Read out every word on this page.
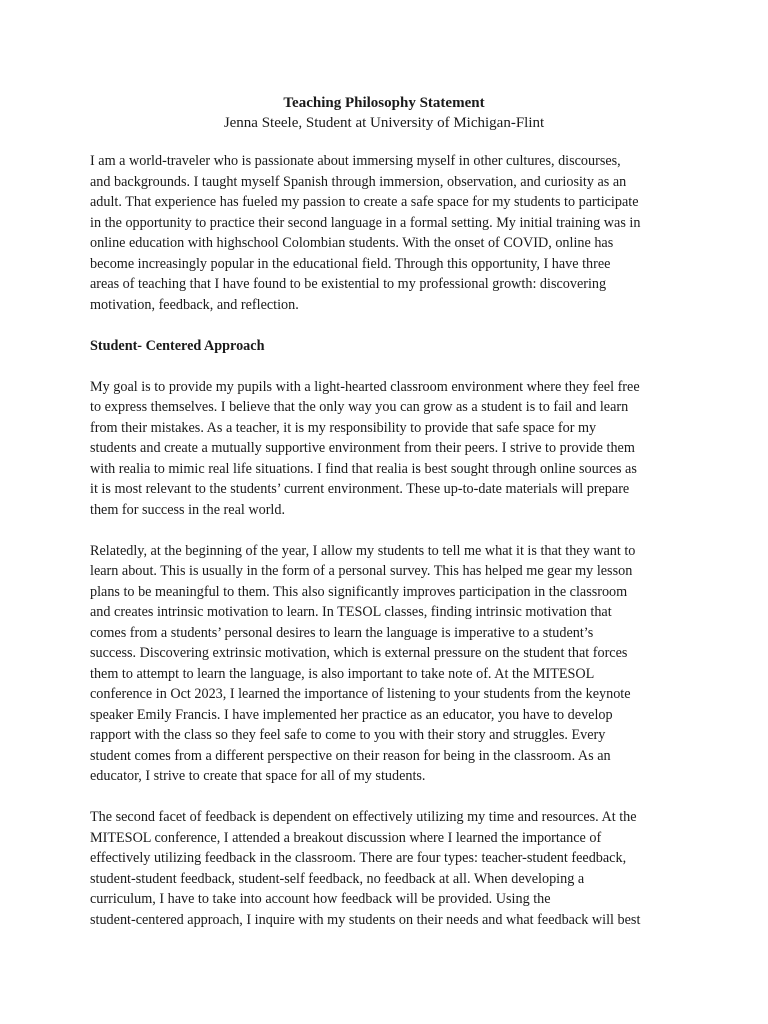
Teaching Philosophy Statement

Jenna Steele, Student at University of Michigan-Flint

I am a world-traveler who is passionate about immersing myself in other cultures, discourses,
and backgrounds. I taught myself Spanish through immersion, observation, and curiosity as an
adult. That experience has fueled my passion to create a safe space for my students to participate
in the opportunity to practice their second language in a formal setting. My initial training was in
online education with highschool Colombian students. With the onset of COVID, online has
become increasingly popular in the educational field. Through this opportunity, I have three
areas of teaching that I have found to be existential to my professional growth: discovering
motivation, feedback, and reflection.

Student- Centered Approach

My goal is to provide my pupils with a light-hearted classroom environment where they feel free
to express themselves. I believe that the only way you can grow as a student is to fail and learn
from their mistakes. As a teacher, it is my responsibility to provide that safe space for my
students and create a mutually supportive environment from their peers. I strive to provide them
with realia to mimic real life situations. I find that realia is best sought through online sources as
it is most relevant to the students’ current environment. These up-to-date materials will prepare
them for success in the real world.
Relatedly, at the beginning of the year, I allow my students to tell me what it is that they want to
learn about. This is usually in the form of a personal survey. This has helped me gear my lesson
plans to be meaningful to them. This also significantly improves participation in the classroom
and creates intrinsic motivation to learn. In TESOL classes, finding intrinsic motivation that
comes from a students’ personal desires to learn the language is imperative to a student’s
success. Discovering extrinsic motivation, which is external pressure on the student that forces
them to attempt to learn the language, is also important to take note of. At the MITESOL
conference in Oct 2023, I learned the importance of listening to your students from the keynote
speaker Emily Francis. I have implemented her practice as an educator, you have to develop
rapport with the class so they feel safe to come to you with their story and struggles. Every
student comes from a different perspective on their reason for being in the classroom. As an
educator, I strive to create that space for all of my students.
The second facet of feedback is dependent on effectively utilizing my time and resources. At the
MITESOL conference, I attended a breakout discussion where I learned the importance of
effectively utilizing feedback in the classroom. There are four types: teacher-student feedback,
student-student feedback, student-self feedback, no feedback at all. When developing a
curriculum, I have to take into account how feedback will be provided. Using the
student-centered approach, I inquire with my students on their needs and what feedback will best
